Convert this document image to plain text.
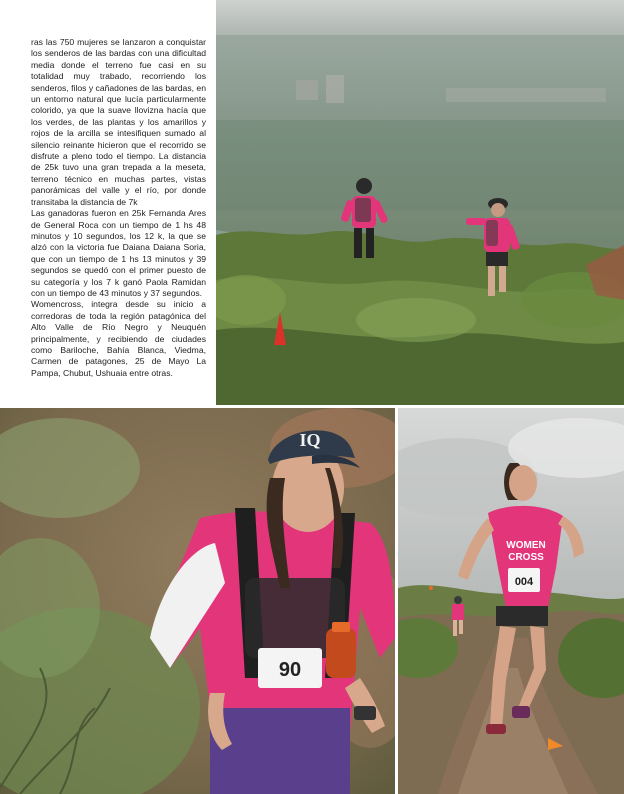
ras las 750 mujeres se lanzaron a conquistar los senderos de las bardas con una dificultad media donde el terreno fue casi en su totalidad muy trabado, recorriendo los senderos, filos y cañadones de las bardas, en un entorno natural que lucía particularmente colorido, ya que la suave llovizna hacía que los verdes, de las plantas y los amarillos y rojos de la arcilla se intesifiquen sumado al silencio reinante hicieron que el recorrido se disfrute a pleno todo el tiempo. La distancia de 25k tuvo una gran trepada a la meseta, terreno técnico en muchas partes, vistas panorámicas del valle y el río, por donde transitaba la distancia de 7k

Las ganadoras fueron en 25k Fernanda Ares de General Roca con un tiempo de 1 hs 48 minutos y 10 segundos, los 12 k, la que se alzó con la victoria fue Daiana Daiana Soria, que con un tiempo de 1 hs 13 minutos y 39 segundos se quedó con el primer puesto de su categoría y los 7 k ganó Paola Ramidan con un tiempo de 43 minutos y 37 segundos.

Womencross, integra desde su inicio a corredoras de toda la región patagónica del Alto Valle de Río Negro y Neuquén principalmente, y recibiendo de ciudades como Bariloche, Bahía Blanca, Viedma, Carmen de patagones, 25 de Mayo La Pampa, Chubut, Ushuaia entre otras.

90
IQ
WOMEN
CROSS
004
